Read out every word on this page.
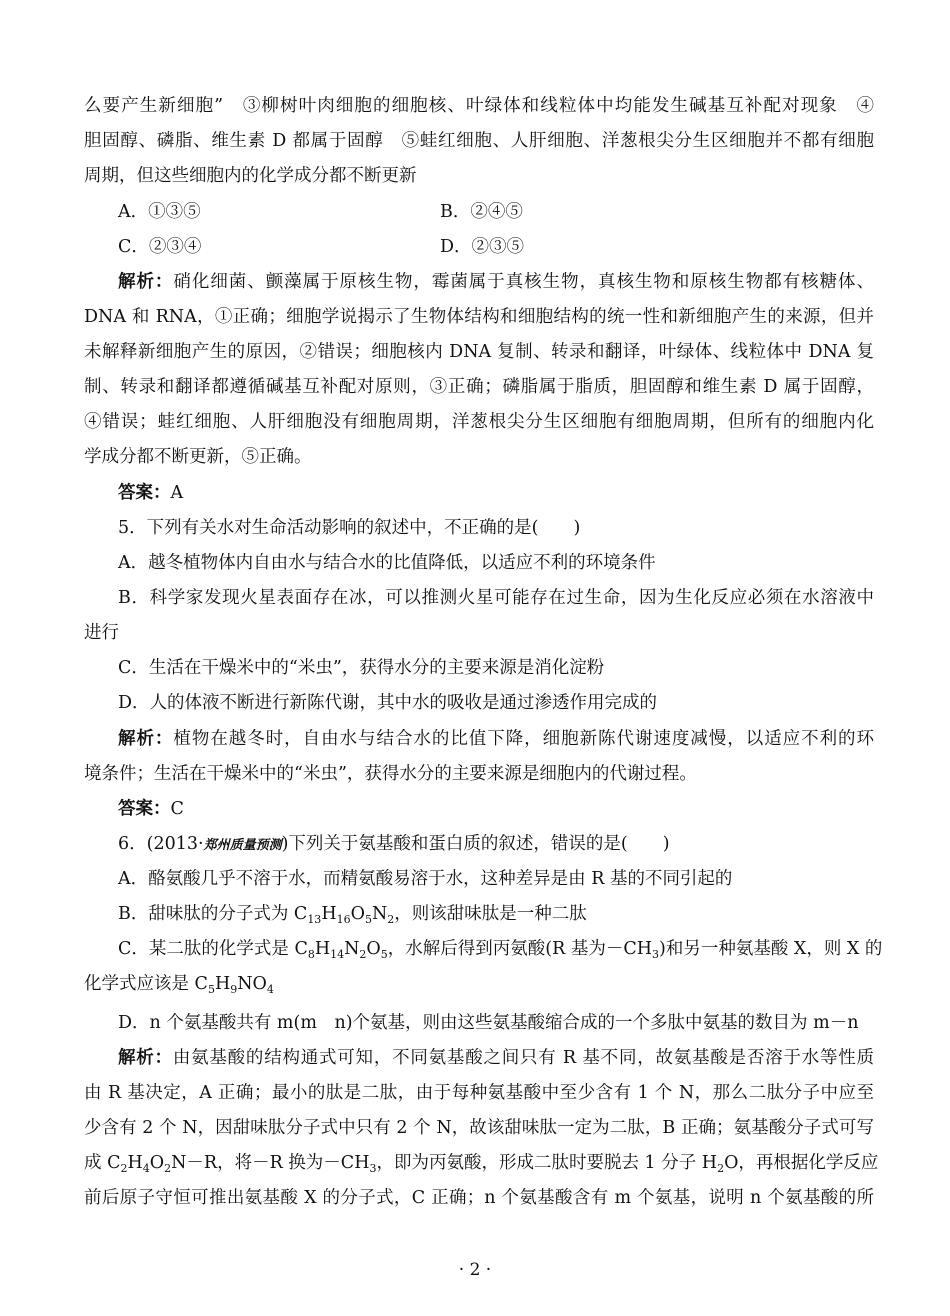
么要产生新细胞”　③柳树叶肉细胞的细胞核、叶绿体和线粒体中均能发生碱基互补配对现象　④
胆固醇、磷脂、维生素 D 都属于固醇　⑤蛙红细胞、人肝细胞、洋葱根尖分生区细胞并不都有细胞
周期，但这些细胞内的化学成分都不断更新
A．①③⑤	B．②④⑤
C．②③④	D．②③⑤
解析：硝化细菌、颤藻属于原核生物，霉菌属于真核生物，真核生物和原核生物都有核糖体、
DNA 和 RNA，①正确；细胞学说揭示了生物体结构和细胞结构的统一性和新细胞产生的来源，但并
未解释新细胞产生的原因，②错误；细胞核内 DNA 复制、转录和翻译，叶绿体、线粒体中 DNA 复
制、转录和翻译都遵循碱基互补配对原则，③正确；磷脂属于脂质，胆固醇和维生素 D 属于固醇，
④错误；蛙红细胞、人肝细胞没有细胞周期，洋葱根尖分生区细胞有细胞周期，但所有的细胞内化
学成分都不断更新，⑤正确。
答案：A
5．下列有关水对生命活动影响的叙述中，不正确的是(　　)
A．越冬植物体内自由水与结合水的比值降低，以适应不利的环境条件
B．科学家发现火星表面存在冰，可以推测火星可能存在过生命，因为生化反应必须在水溶液中
进行
C．生活在干燥米中的“米虫”，获得水分的主要来源是消化淀粉
D．人的体液不断进行新陈代谢，其中水的吸收是通过渗透作用完成的
解析：植物在越冬时，自由水与结合水的比值下降，细胞新陈代谢速度减慢，以适应不利的环
境条件；生活在干燥米中的“米虫”，获得水分的主要来源是细胞内的代谢过程。
答案：C
6．(2013·郑州质量预测)下列关于氨基酸和蛋白质的叙述，错误的是(　　)
A．酪氨酸几乎不溶于水，而精氨酸易溶于水，这种差异是由 R 基的不同引起的
B．甜味肽的分子式为 $C_{13}H_{16}O_5N_2$，则该甜味肽是一种二肽
C．某二肽的化学式是 $C_8H_{14}N_2O_5$，水解后得到丙氨酸(R 基为$-CH_3$)和另一种氨基酸 X，则 X 的
化学式应该是 $C_5H_9NO_4$
D．n 个氨基酸共有 m(m　n)个氨基，则由这些氨基酸缩合成的一个多肽中氨基的数目为 m－n
解析：由氨基酸的结构通式可知，不同氨基酸之间只有 R 基不同，故氨基酸是否溶于水等性质
由 R 基决定，A 正确；最小的肽是二肽，由于每种氨基酸中至少含有 1 个 N，那么二肽分子中应至
少含有 2 个 N，因甜味肽分子式中只有 2 个 N，故该甜味肽一定为二肽，B 正确；氨基酸分子式可写
成 $C_2H_4O_2N-R$，将－R 换为$-CH_3$，即为丙氨酸，形成二肽时要脱去 1 分子 $H_2O$，再根据化学反应
前后原子守恒可推出氨基酸 X 的分子式，C 正确；n 个氨基酸含有 m 个氨基，说明 n 个氨基酸的所
· 2 ·
